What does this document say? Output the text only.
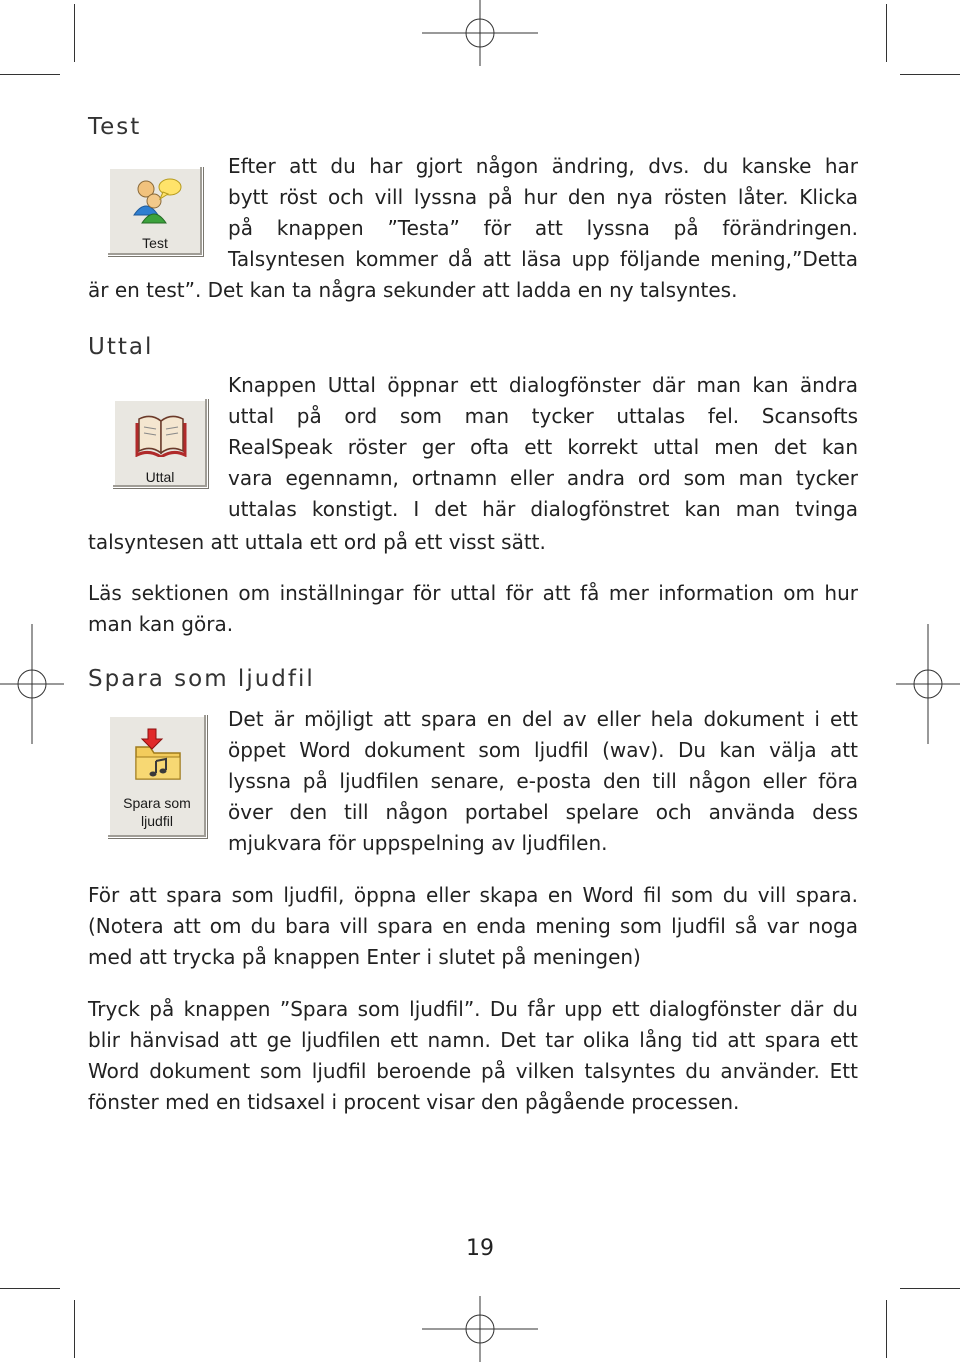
Test
Test
Efter att du har gjort någon ändring, dvs. du kanske har
bytt röst och vill lyssna på hur den nya rösten låter. Klicka
på knappen ”Testa” för att lyssna på förändringen.
Talsyntesen kommer då att läsa upp följande mening,”Detta
är en test”. Det kan ta några sekunder att ladda en ny talsyntes.
Uttal
Uttal
Knappen Uttal öppnar ett dialogfönster där man kan ändra
uttal på ord som man tycker uttalas fel. Scansofts
RealSpeak röster ger ofta ett korrekt uttal men det kan
vara egennamn, ortnamn eller andra ord som man tycker
uttalas konstigt. I det här dialogfönstret kan man tvinga
talsyntesen att uttala ett ord på ett visst sätt.
Läs sektionen om inställningar för uttal för att få mer information om hur
man kan göra.
Spara som ljudfil
Spara som
ljudfil
Det är möjligt att spara en del av eller hela dokument i ett
öppet Word dokument som ljudfil (wav). Du kan välja att
lyssna på ljudfilen senare, e-posta den till någon eller föra
över den till någon portabel spelare och använda dess
mjukvara för uppspelning av ljudfilen.
För att spara som ljudfil, öppna eller skapa en Word fil som du vill spara.
(Notera att om du bara vill spara en enda mening som ljudfil så var noga
med att trycka på knappen Enter i slutet på meningen)
Tryck på knappen ”Spara som ljudfil”. Du får upp ett dialogfönster där du
blir hänvisad att ge ljudfilen ett namn. Det tar olika lång tid att spara ett
Word dokument som ljudfil beroende på vilken talsyntes du använder. Ett
fönster med en tidsaxel i procent visar den pågående processen.
19
